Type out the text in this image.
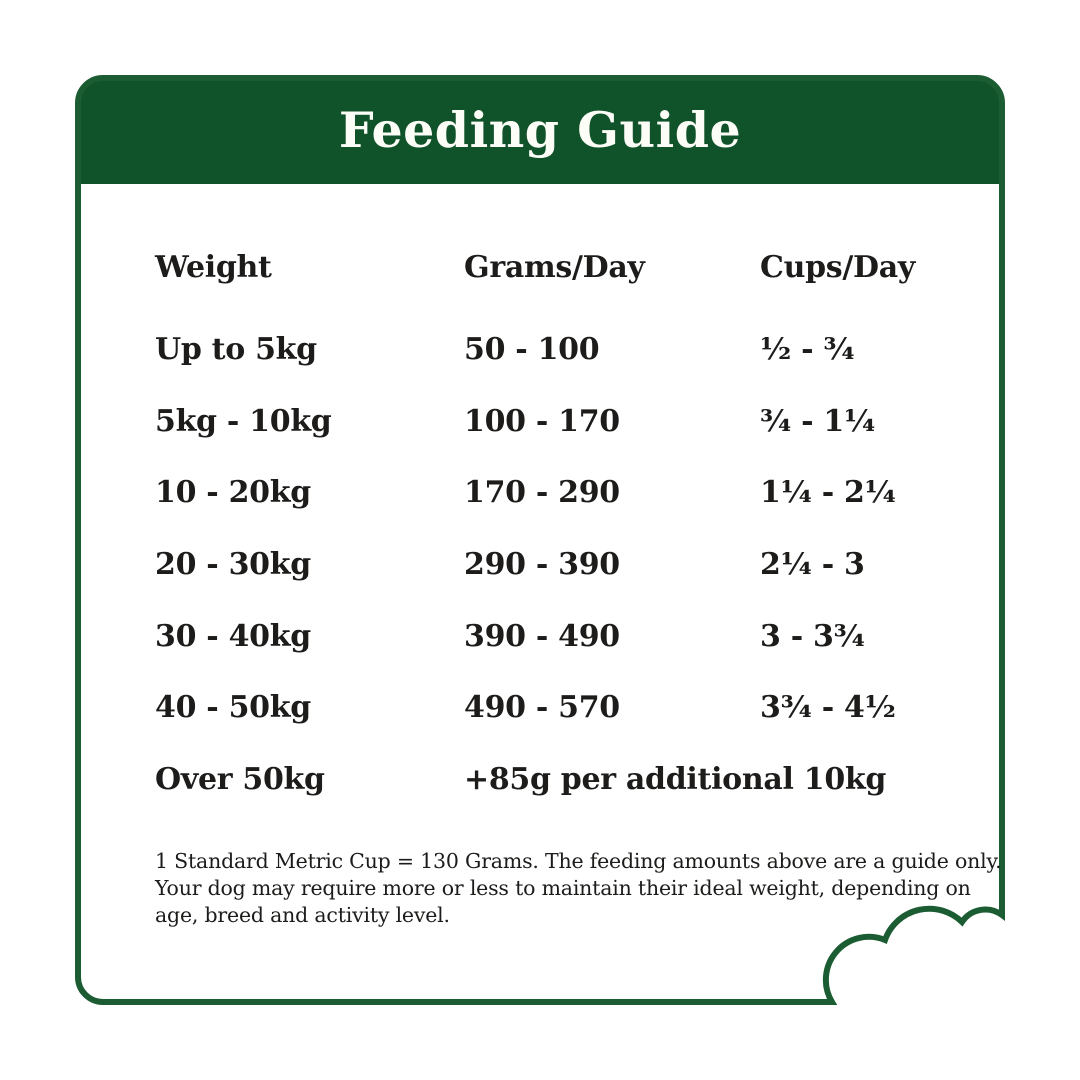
Feeding Guide
Weight	Grams/Day	Cups/Day
Up to 5kg	50 - 100	½ - ¾
5kg - 10kg	100 - 170	¾ - 1¼
10 - 20kg	170 - 290	1¼ - 2¼
20 - 30kg	290 - 390	2¼ - 3
30 - 40kg	390 - 490	3 - 3¾
40 - 50kg	490 - 570	3¾ - 4½
Over 50kg	+85g per additional 10kg
1 Standard Metric Cup = 130 Grams. The feeding amounts above are a guide only.
Your dog may require more or less to maintain their ideal weight, depending on
age, breed and activity level.
